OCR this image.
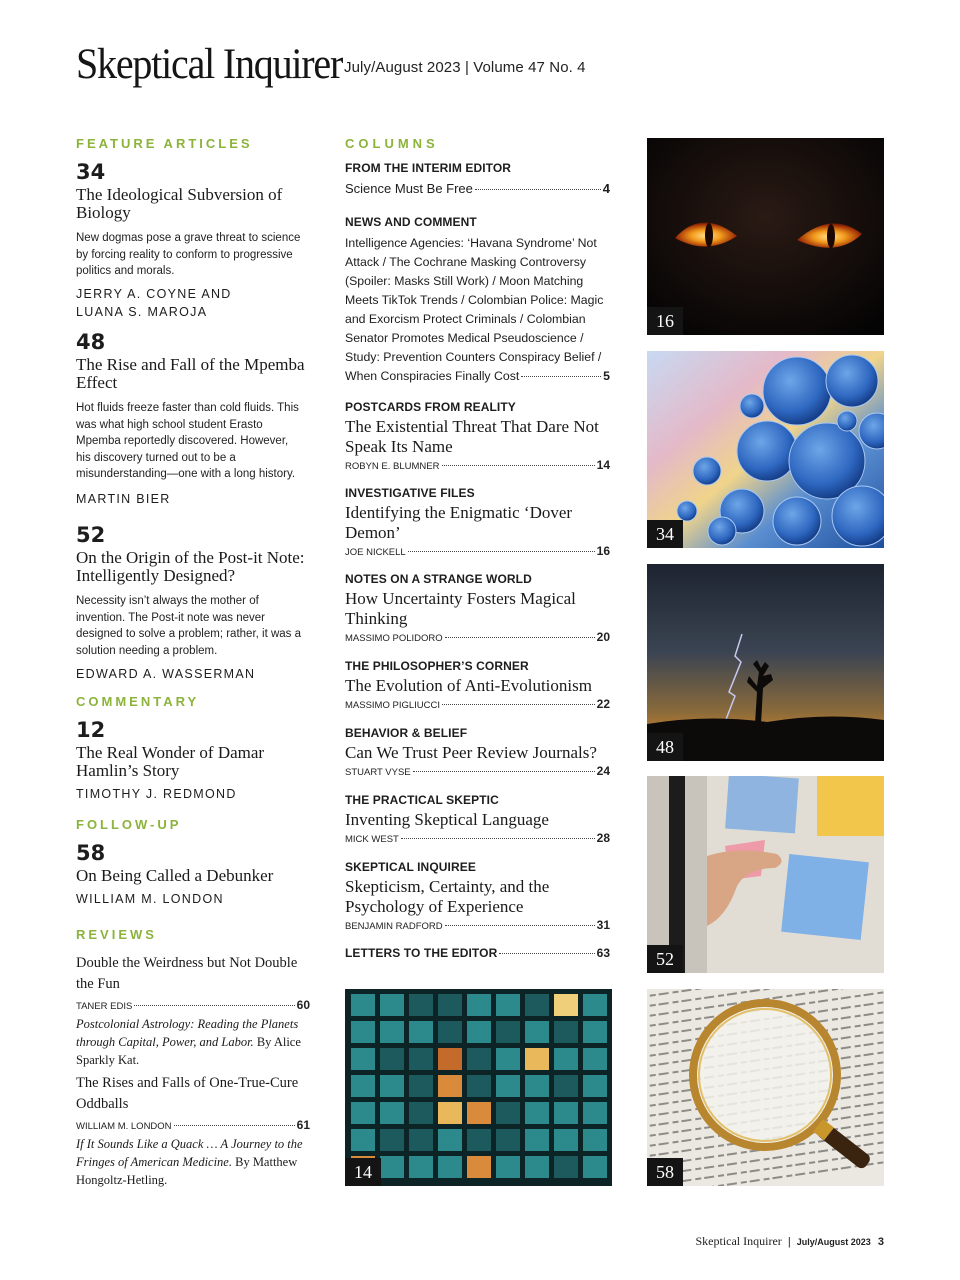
Skeptical Inquirer July/August 2023 | Volume 47 No. 4
FEATURE ARTICLES
34
The Ideological Subversion of Biology
New dogmas pose a grave threat to science by forcing reality to conform to progressive politics and morals.
JERRY A. COYNE AND LUANA S. MAROJA
48
The Rise and Fall of the Mpemba Effect
Hot fluids freeze faster than cold fluids. This was what high school student Erasto Mpemba reportedly discovered. However, his discovery turned out to be a misunderstanding—one with a long history.
MARTIN BIER
52
On the Origin of the Post-it Note: Intelligently Designed?
Necessity isn’t always the mother of invention. The Post-it note was never designed to solve a problem; rather, it was a solution needing a problem.
EDWARD A. WASSERMAN
COMMENTARY
12
The Real Wonder of Damar Hamlin’s Story
TIMOTHY J. REDMOND
FOLLOW-UP
58
On Being Called a Debunker
WILLIAM M. LONDON
REVIEWS
Double the Weirdness but Not Double the Fun
TANER EDIS	60
Postcolonial Astrology: Reading the Planets through Capital, Power, and Labor. By Alice Sparkly Kat.
The Rises and Falls of One-True-Cure Oddballs
WILLIAM M. LONDON	61
If It Sounds Like a Quack … A Journey to the Fringes of American Medicine. By Matthew Hongoltz-Hetling.
COLUMNS
FROM THE INTERIM EDITOR
Science Must Be Free	4
NEWS AND COMMENT
Intelligence Agencies: ‘Havana Syndrome’ Not Attack / The Cochrane Masking Controversy (Spoiler: Masks Still Work) / Moon Matching Meets TikTok Trends / Colombian Police: Magic and Exorcism Protect Criminals / Colombian Senator Promotes Medical Pseudoscience / Study: Prevention Counters Conspiracy Belief /
When Conspiracies Finally Cost	5
POSTCARDS FROM REALITY
The Existential Threat That Dare Not Speak Its Name
ROBYN E. BLUMNER	14
INVESTIGATIVE FILES
Identifying the Enigmatic ‘Dover Demon’
JOE NICKELL	16
NOTES ON A STRANGE WORLD
How Uncertainty Fosters Magical Thinking
MASSIMO POLIDORO	20
THE PHILOSOPHER’S CORNER
The Evolution of Anti-Evolutionism
MASSIMO PIGLIUCCI	22
BEHAVIOR & BELIEF
Can We Trust Peer Review Journals?
STUART VYSE	24
THE PRACTICAL SKEPTIC
Inventing Skeptical Language
MICK WEST	28
SKEPTICAL INQUIREE
Skepticism, Certainty, and the Psychology of Experience
BENJAMIN RADFORD	31
LETTERS TO THE EDITOR	63
14
16
34
48
52
58
Skeptical Inquirer | July/August 2023 3
